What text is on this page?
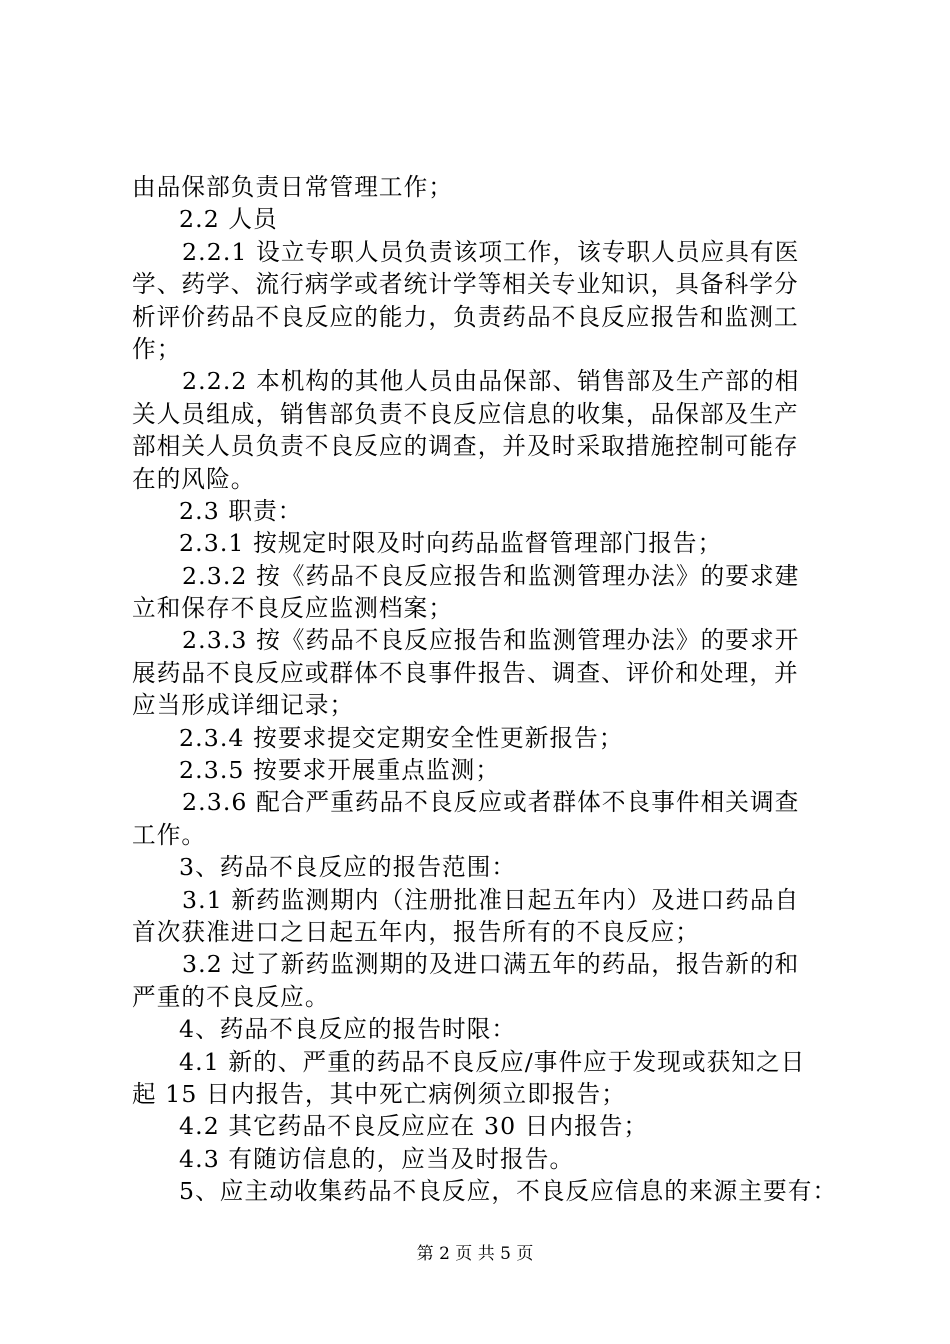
由品保部负责日常管理工作；

2.2 人员

2.2.1 设立专职人员负责该项工作，该专职人员应具有医

学、药学、流行病学或者统计学等相关专业知识，具备科学分

析评价药品不良反应的能力，负责药品不良反应报告和监测工

作；

2.2.2 本机构的其他人员由品保部、销售部及生产部的相

关人员组成，销售部负责不良反应信息的收集，品保部及生产

部相关人员负责不良反应的调查，并及时采取措施控制可能存

在的风险。

2.3 职责：

2.3.1 按规定时限及时向药品监督管理部门报告；

2.3.2 按《药品不良反应报告和监测管理办法》的要求建

立和保存不良反应监测档案；

2.3.3 按《药品不良反应报告和监测管理办法》的要求开

展药品不良反应或群体不良事件报告、调查、评价和处理，并

应当形成详细记录；

2.3.4 按要求提交定期安全性更新报告；

2.3.5 按要求开展重点监测；

2.3.6 配合严重药品不良反应或者群体不良事件相关调查

工作。

3、药品不良反应的报告范围：

3.1 新药监测期内（注册批准日起五年内）及进口药品自

首次获准进口之日起五年内，报告所有的不良反应；

3.2 过了新药监测期的及进口满五年的药品，报告新的和

严重的不良反应。

4、药品不良反应的报告时限：

4.1 新的、严重的药品不良反应/事件应于发现或获知之日

起 15 日内报告，其中死亡病例须立即报告；

4.2 其它药品不良反应应在 30 日内报告；

4.3 有随访信息的，应当及时报告。

5、应主动收集药品不良反应，不良反应信息的来源主要有：

第 2 页 共 5 页
